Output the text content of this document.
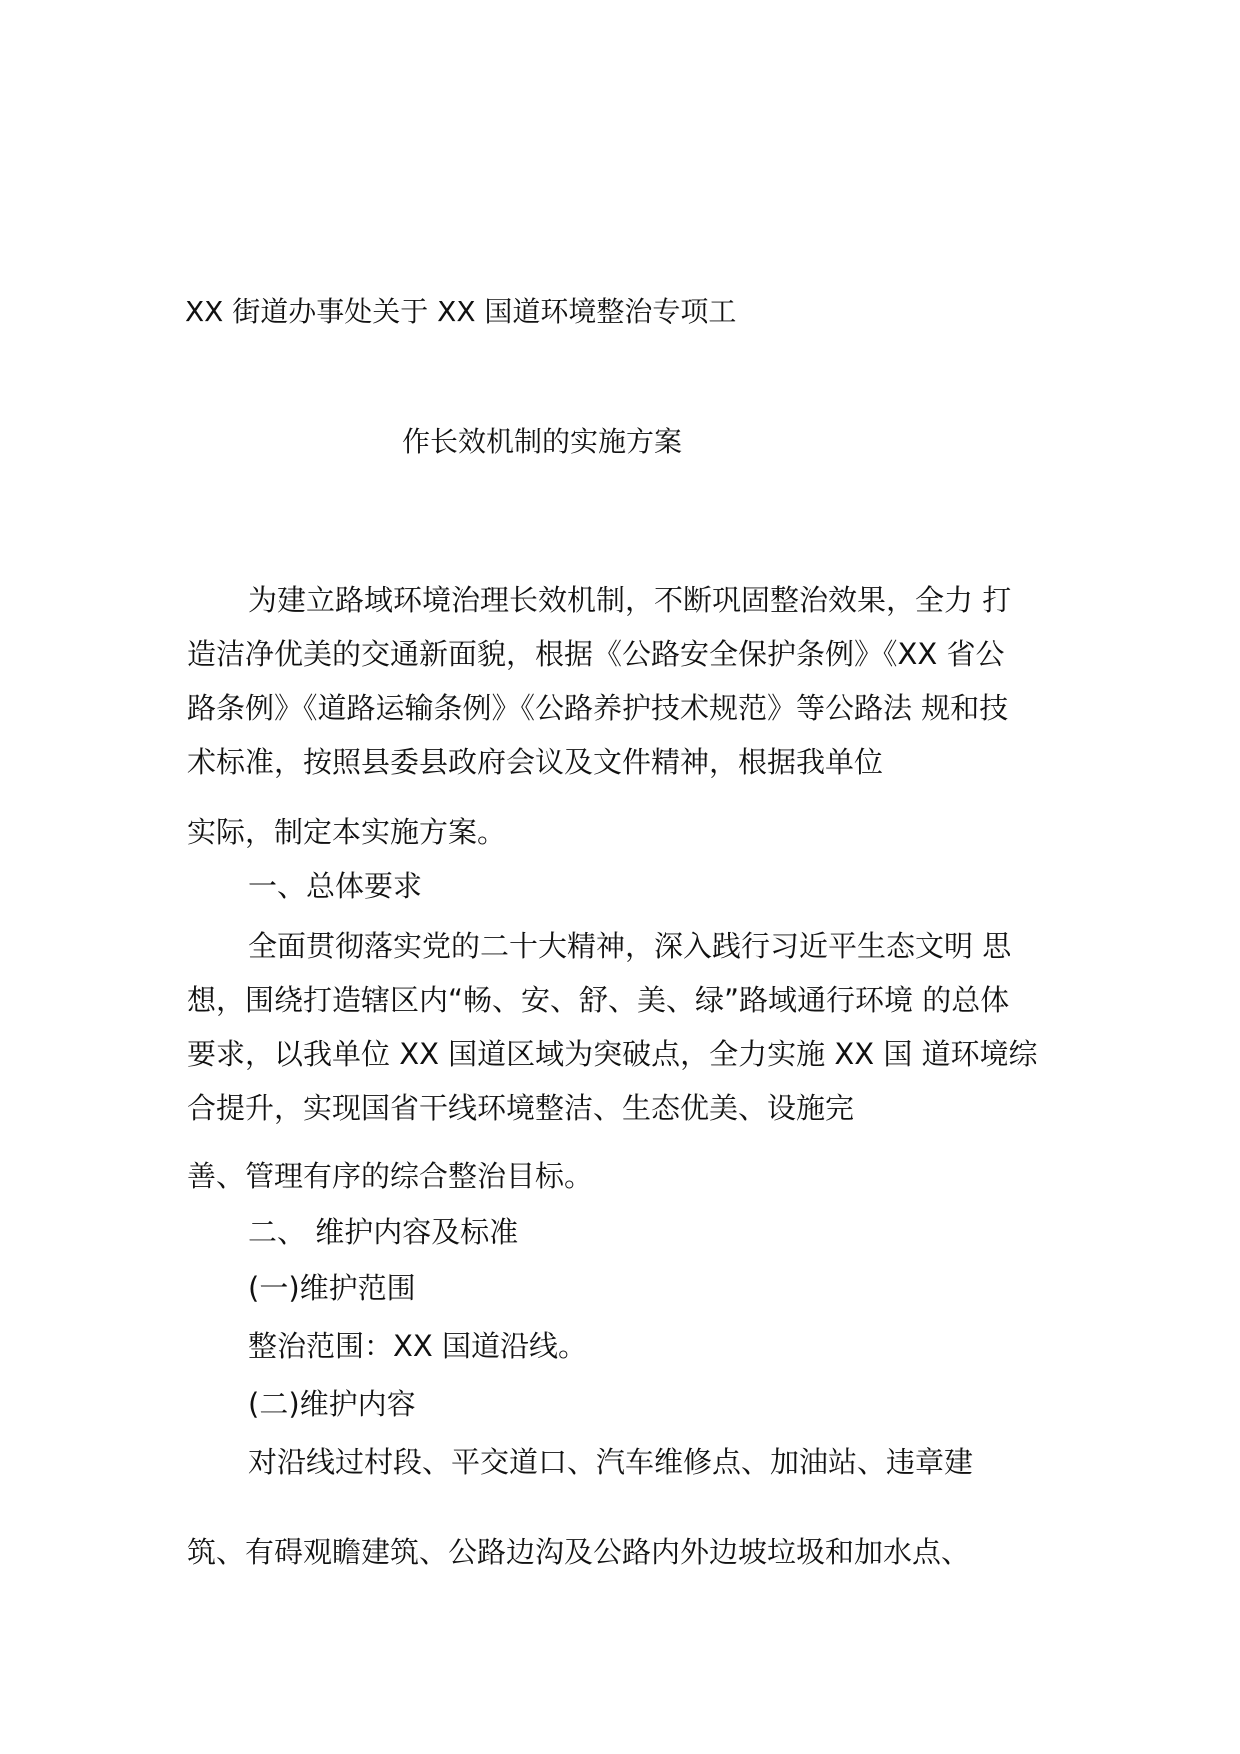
XX 街道办事处关于 XX 国道环境整治专项工

作长效机制的实施方案

为建立路域环境治理长效机制，不断巩固整治效果，全力 打

造洁净优美的交通新面貌，根据《公路安全保护条例》《XX 省公

路条例》《道路运输条例》《公路养护技术规范》等公路法 规和技

术标准，按照县委县政府会议及文件精神，根据我单位

实际，制定本实施方案。

一、总体要求

全面贯彻落实党的二十大精神，深入践行习近平生态文明 思

想，围绕打造辖区内“畅、安、舒、美、绿”路域通行环境 的总体

要求，以我单位 XX 国道区域为突破点，全力实施 XX 国 道环境综

合提升，实现国省干线环境整洁、生态优美、设施完

善、管理有序的综合整治目标。

二、 维护内容及标准

(一)维护范围

整治范围：XX 国道沿线。

(二)维护内容

对沿线过村段、平交道口、汽车维修点、加油站、违章建

筑、有碍观瞻建筑、公路边沟及公路内外边坡垃圾和加水点、
